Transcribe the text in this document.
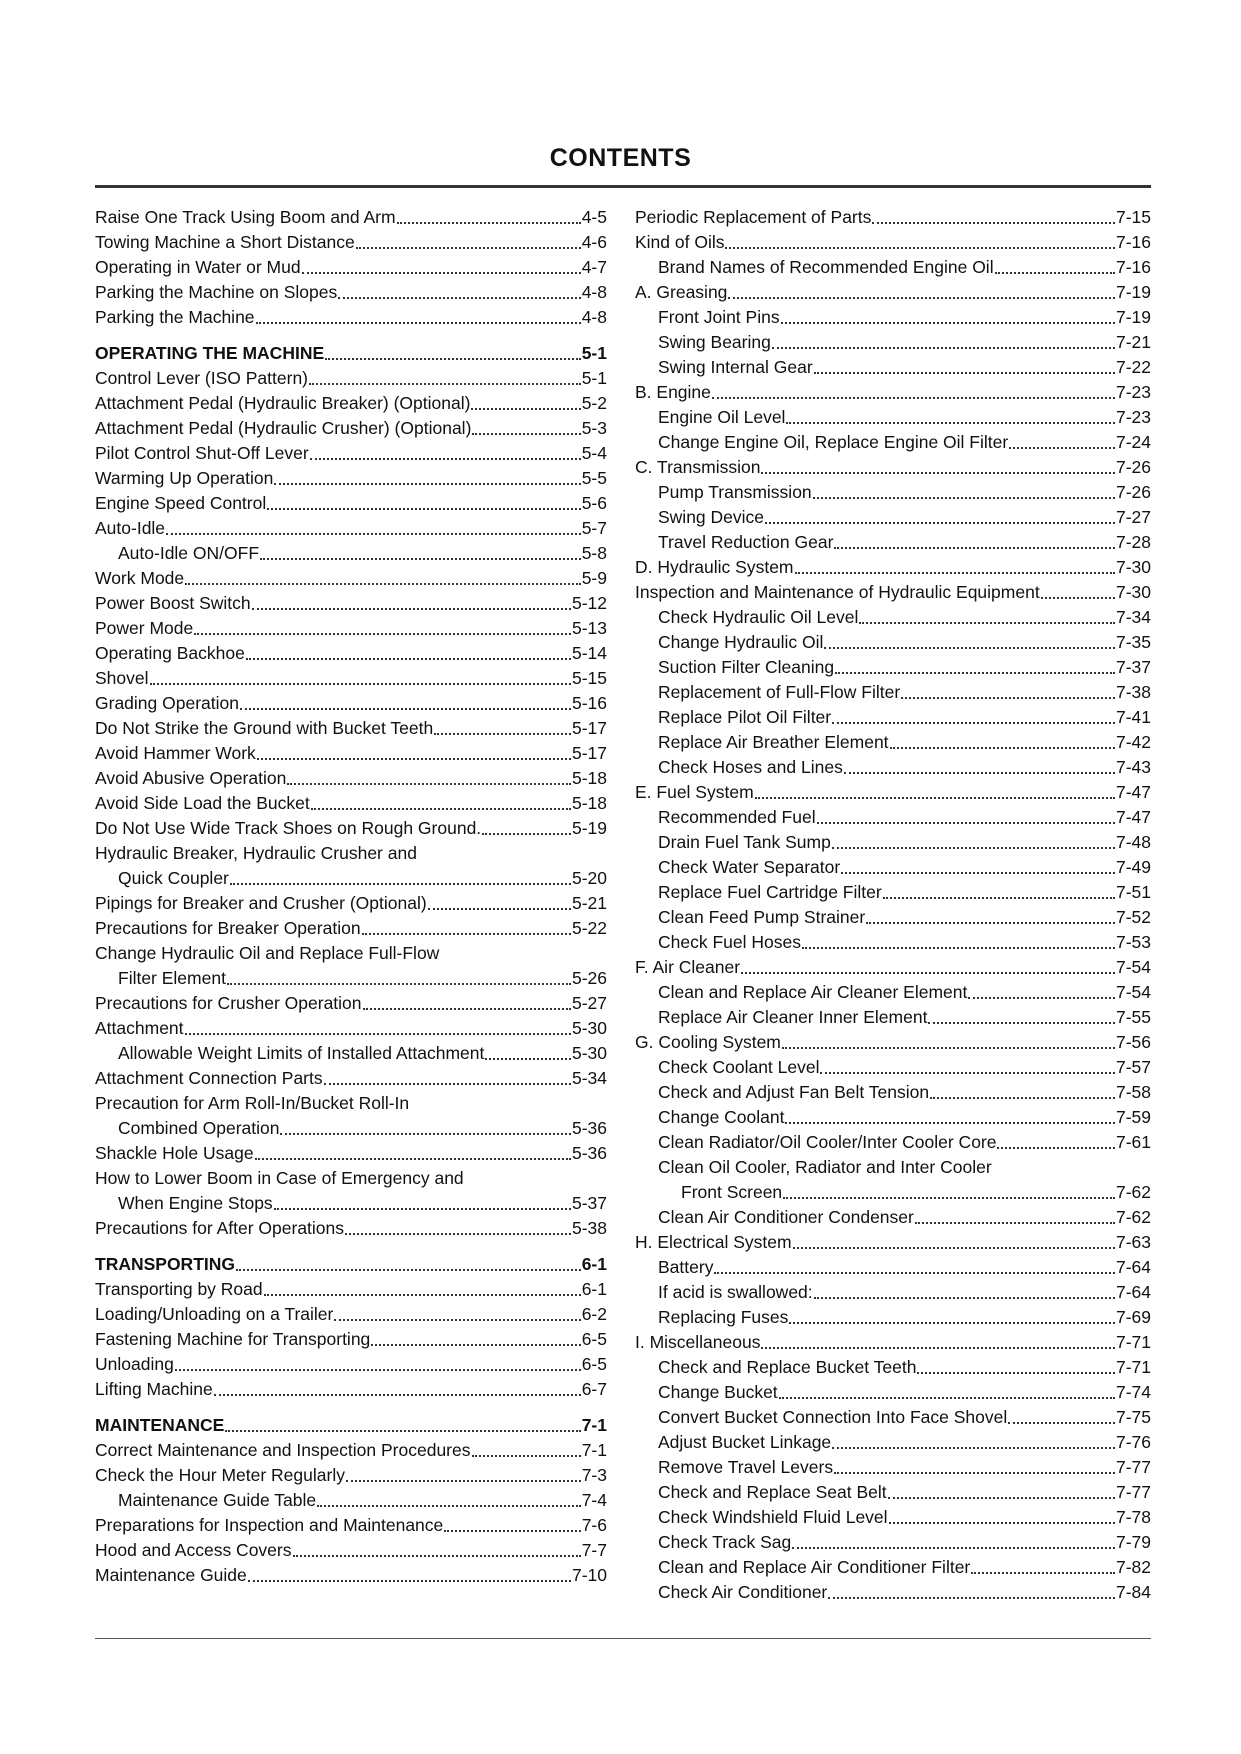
CONTENTS
Raise One Track Using Boom and Arm	4-5
Towing Machine a Short Distance	4-6
Operating in Water or Mud	4-7
Parking the Machine on Slopes	4-8
Parking the Machine	4-8
OPERATING THE MACHINE	5-1
Control Lever (ISO Pattern)	5-1
Attachment Pedal (Hydraulic Breaker) (Optional)	5-2
Attachment Pedal (Hydraulic Crusher) (Optional)	5-3
Pilot Control Shut-Off Lever	5-4
Warming Up Operation	5-5
Engine Speed Control	5-6
Auto-Idle	5-7
Auto-Idle ON/OFF	5-8
Work Mode	5-9
Power Boost Switch	5-12
Power Mode	5-13
Operating Backhoe	5-14
Shovel	5-15
Grading Operation	5-16
Do Not Strike the Ground with Bucket Teeth	5-17
Avoid Hammer Work	5-17
Avoid Abusive Operation	5-18
Avoid Side Load the Bucket	5-18
Do Not Use Wide Track Shoes on Rough Ground.	5-19
Hydraulic Breaker, Hydraulic Crusher and
Quick Coupler	5-20
Pipings for Breaker and Crusher (Optional)	5-21
Precautions for Breaker Operation	5-22
Change Hydraulic Oil and Replace Full-Flow
Filter Element	5-26
Precautions for Crusher Operation	5-27
Attachment	5-30
Allowable Weight Limits of Installed Attachment	5-30
Attachment Connection Parts	5-34
Precaution for Arm Roll-In/Bucket Roll-In
Combined Operation	5-36
Shackle Hole Usage	5-36
How to Lower Boom in Case of Emergency and
When Engine Stops	5-37
Precautions for After Operations	5-38
TRANSPORTING	6-1
Transporting by Road	6-1
Loading/Unloading on a Trailer	6-2
Fastening Machine for Transporting	6-5
Unloading	6-5
Lifting Machine	6-7
MAINTENANCE	7-1
Correct Maintenance and Inspection Procedures	7-1
Check the Hour Meter Regularly	7-3
Maintenance Guide Table	7-4
Preparations for Inspection and Maintenance	7-6
Hood and Access Covers	7-7
Maintenance Guide	7-10
Periodic Replacement of Parts	7-15
Kind of Oils	7-16
Brand Names of Recommended Engine Oil	7-16
A. Greasing	7-19
Front Joint Pins	7-19
Swing Bearing	7-21
Swing Internal Gear	7-22
B. Engine	7-23
Engine Oil Level	7-23
Change Engine Oil, Replace Engine Oil Filter	7-24
C. Transmission	7-26
Pump Transmission	7-26
Swing Device	7-27
Travel Reduction Gear	7-28
D. Hydraulic System	7-30
Inspection and Maintenance of Hydraulic Equipment	7-30
Check Hydraulic Oil Level	7-34
Change Hydraulic Oil	7-35
Suction Filter Cleaning	7-37
Replacement of Full-Flow Filter	7-38
Replace Pilot Oil Filter	7-41
Replace Air Breather Element	7-42
Check Hoses and Lines	7-43
E. Fuel System	7-47
Recommended Fuel	7-47
Drain Fuel Tank Sump	7-48
Check Water Separator	7-49
Replace Fuel Cartridge Filter	7-51
Clean Feed Pump Strainer	7-52
Check Fuel Hoses	7-53
F. Air Cleaner	7-54
Clean and Replace Air Cleaner Element	7-54
Replace Air Cleaner Inner Element	7-55
G. Cooling System	7-56
Check Coolant Level	7-57
Check and Adjust Fan Belt Tension	7-58
Change Coolant	7-59
Clean Radiator/Oil Cooler/Inter Cooler Core	7-61
Clean Oil Cooler, Radiator and Inter Cooler
Front Screen	7-62
Clean Air Conditioner Condenser	7-62
H. Electrical System	7-63
Battery	7-64
If acid is swallowed:	7-64
Replacing Fuses	7-69
I. Miscellaneous	7-71
Check and Replace Bucket Teeth	7-71
Change Bucket	7-74
Convert Bucket Connection Into Face Shovel	7-75
Adjust Bucket Linkage	7-76
Remove Travel Levers	7-77
Check and Replace Seat Belt	7-77
Check Windshield Fluid Level	7-78
Check Track Sag	7-79
Clean and Replace Air Conditioner Filter	7-82
Check Air Conditioner	7-84
